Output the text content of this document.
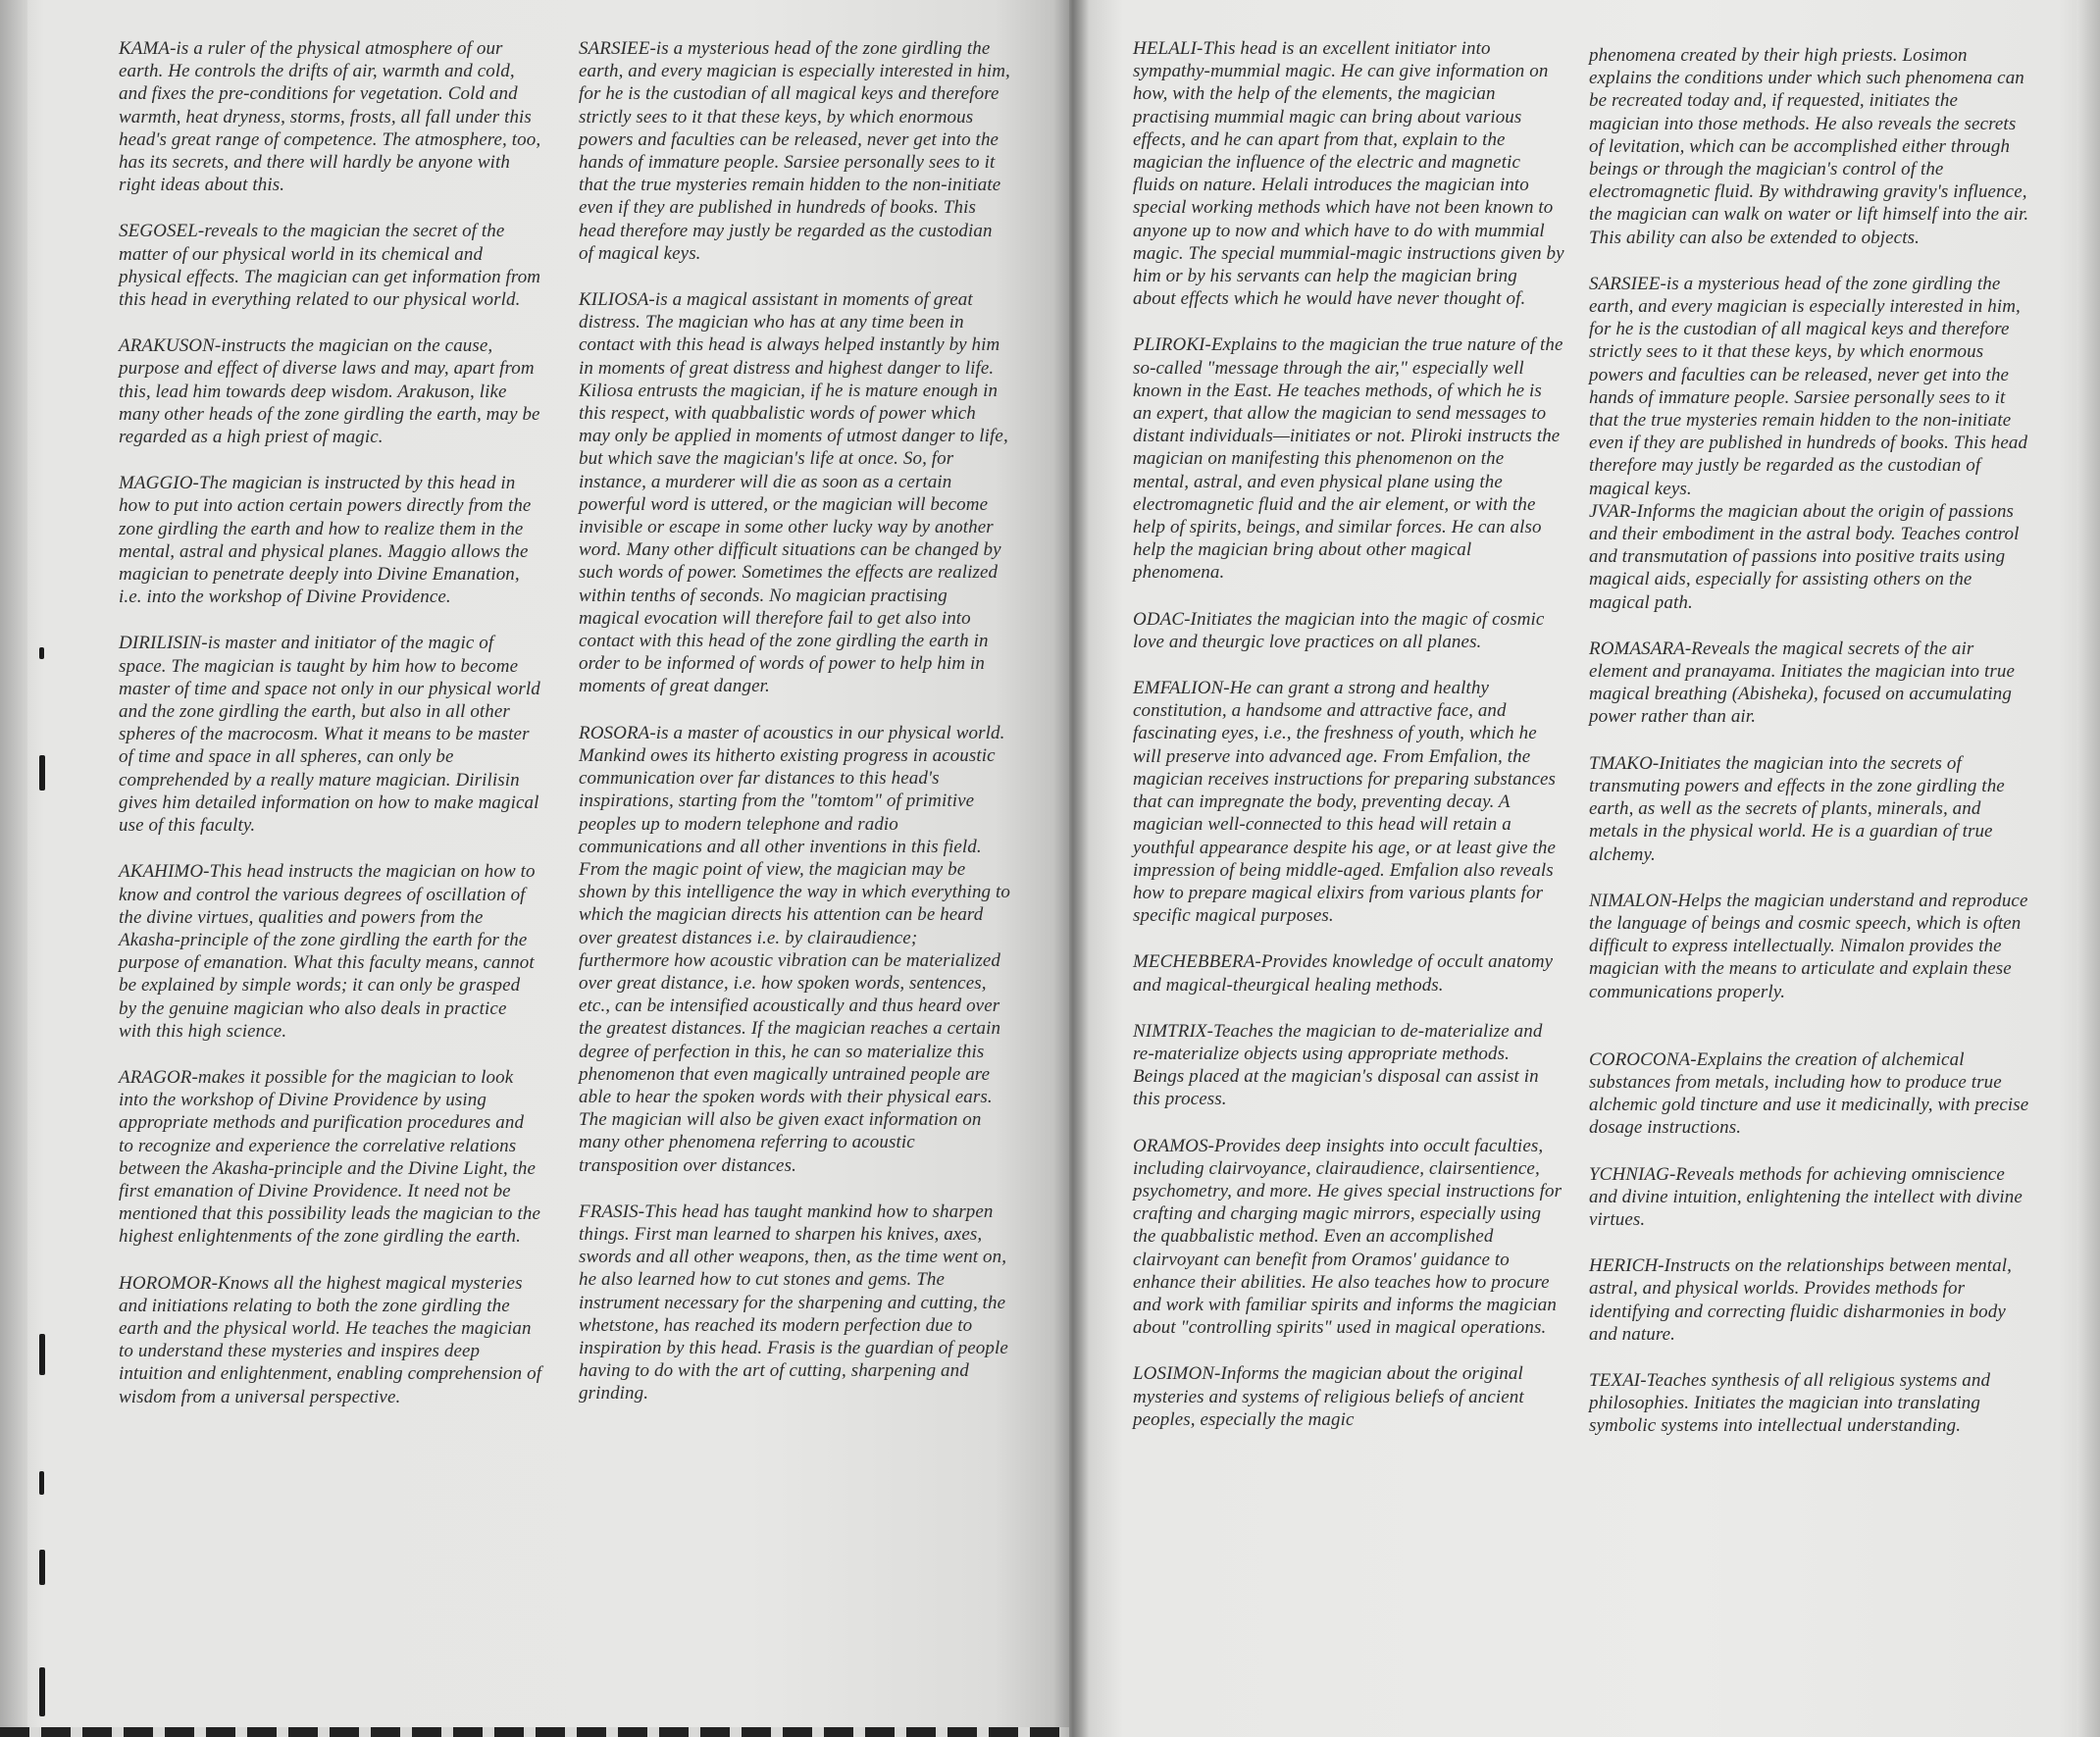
KAMA-is a ruler of the physical atmosphere of our earth. He controls the drifts of air, warmth and cold, and fixes the pre-conditions for vegetation. Cold and warmth, heat dryness, storms, frosts, all fall under this head's great range of competence. The atmosphere, too, has its secrets, and there will hardly be anyone with right ideas about this.

SEGOSEL-reveals to the magician the secret of the matter of our physical world in its chemical and physical effects. The magician can get information from this head in everything related to our physical world.

ARAKUSON-instructs the magician on the cause, purpose and effect of diverse laws and may, apart from this, lead him towards deep wisdom. Arakuson, like many other heads of the zone girdling the earth, may be regarded as a high priest of magic.

MAGGIO-The magician is instructed by this head in how to put into action certain powers directly from the zone girdling the earth and how to realize them in the mental, astral and physical planes. Maggio allows the magician to penetrate deeply into Divine Emanation, i.e. into the workshop of Divine Providence.

DIRILISIN-is master and initiator of the magic of space. The magician is taught by him how to become master of time and space not only in our physical world and the zone girdling the earth, but also in all other spheres of the macrocosm. What it means to be master of time and space in all spheres, can only be comprehended by a really mature magician. Dirilisin gives him detailed information on how to make magical use of this faculty.

AKAHIMO-This head instructs the magician on how to know and control the various degrees of oscillation of the divine virtues, qualities and powers from the Akasha-principle of the zone girdling the earth for the purpose of emanation. What this faculty means, cannot be explained by simple words; it can only be grasped by the genuine magician who also deals in practice with this high science.

ARAGOR-makes it possible for the magician to look into the workshop of Divine Providence by using appropriate methods and purification procedures and to recognize and experience the correlative relations between the Akasha-principle and the Divine Light, the first emanation of Divine Providence. It need not be mentioned that this possibility leads the magician to the highest enlightenments of the zone girdling the earth.

HOROMOR-Knows all the highest magical mysteries and initiations relating to both the zone girdling the earth and the physical world. He teaches the magician to understand these mysteries and inspires deep intuition and enlightenment, enabling comprehension of wisdom from a universal perspective.

SARSIEE-is a mysterious head of the zone girdling the earth, and every magician is especially interested in him, for he is the custodian of all magical keys and therefore strictly sees to it that these keys, by which enormous powers and faculties can be released, never get into the hands of immature people. Sarsiee personally sees to it that the true mysteries remain hidden to the non-initiate even if they are published in hundreds of books. This head therefore may justly be regarded as the custodian of magical keys.

KILIOSA-is a magical assistant in moments of great distress. The magician who has at any time been in contact with this head is always helped instantly by him in moments of great distress and highest danger to life. Kiliosa entrusts the magician, if he is mature enough in this respect, with quabbalistic words of power which may only be applied in moments of utmost danger to life, but which save the magician's life at once. So, for instance, a murderer will die as soon as a certain powerful word is uttered, or the magician will become invisible or escape in some other lucky way by another word. Many other difficult situations can be changed by such words of power. Sometimes the effects are realized within tenths of seconds. No magician practising magical evocation will therefore fail to get also into contact with this head of the zone girdling the earth in order to be informed of words of power to help him in moments of great danger.

ROSORA-is a master of acoustics in our physical world. Mankind owes its hitherto existing progress in acoustic communication over far distances to this head's inspirations, starting from the "tomtom" of primitive peoples up to modern telephone and radio communications and all other inventions in this field. From the magic point of view, the magician may be shown by this intelligence the way in which everything to which the magician directs his attention can be heard over greatest distances i.e. by clairaudience; furthermore how acoustic vibration can be materialized over great distance, i.e. how spoken words, sentences, etc., can be intensified acoustically and thus heard over the greatest distances. If the magician reaches a certain degree of perfection in this, he can so materialize this phenomenon that even magically untrained people are able to hear the spoken words with their physical ears. The magician will also be given exact information on many other phenomena referring to acoustic transposition over distances.

FRASIS-This head has taught mankind how to sharpen things. First man learned to sharpen his knives, axes, swords and all other weapons, then, as the time went on, he also learned how to cut stones and gems. The instrument necessary for the sharpening and cutting, the whetstone, has reached its modern perfection due to inspiration by this head. Frasis is the guardian of people having to do with the art of cutting, sharpening and grinding.

HELALI-This head is an excellent initiator into sympathy-mummial magic. He can give information on how, with the help of the elements, the magician practising mummial magic can bring about various effects, and he can apart from that, explain to the magician the influence of the electric and magnetic fluids on nature. Helali introduces the magician into special working methods which have not been known to anyone up to now and which have to do with mummial magic. The special mummial-magic instructions given by him or by his servants can help the magician bring about effects which he would have never thought of.

PLIROKI-Explains to the magician the true nature of the so-called "message through the air," especially well known in the East. He teaches methods, of which he is an expert, that allow the magician to send messages to distant individuals—initiates or not. Pliroki instructs the magician on manifesting this phenomenon on the mental, astral, and even physical plane using the electromagnetic fluid and the air element, or with the help of spirits, beings, and similar forces. He can also help the magician bring about other magical phenomena.

ODAC-Initiates the magician into the magic of cosmic love and theurgic love practices on all planes.

EMFALION-He can grant a strong and healthy constitution, a handsome and attractive face, and fascinating eyes, i.e., the freshness of youth, which he will preserve into advanced age. From Emfalion, the magician receives instructions for preparing substances that can impregnate the body, preventing decay. A magician well-connected to this head will retain a youthful appearance despite his age, or at least give the impression of being middle-aged. Emfalion also reveals how to prepare magical elixirs from various plants for specific magical purposes.

MECHEBBERA-Provides knowledge of occult anatomy and magical-theurgical healing methods.

NIMTRIX-Teaches the magician to de-materialize and re-materialize objects using appropriate methods. Beings placed at the magician's disposal can assist in this process.

ORAMOS-Provides deep insights into occult faculties, including clairvoyance, clairaudience, clairsentience, psychometry, and more. He gives special instructions for crafting and charging magic mirrors, especially using the quabbalistic method. Even an accomplished clairvoyant can benefit from Oramos' guidance to enhance their abilities. He also teaches how to procure and work with familiar spirits and informs the magician about "controlling spirits" used in magical operations.

LOSIMON-Informs the magician about the original mysteries and systems of religious beliefs of ancient peoples, especially the magic

phenomena created by their high priests. Losimon explains the conditions under which such phenomena can be recreated today and, if requested, initiates the magician into those methods. He also reveals the secrets of levitation, which can be accomplished either through beings or through the magician's control of the electromagnetic fluid. By withdrawing gravity's influence, the magician can walk on water or lift himself into the air. This ability can also be extended to objects.

SARSIEE-is a mysterious head of the zone girdling the earth, and every magician is especially interested in him, for he is the custodian of all magical keys and therefore strictly sees to it that these keys, by which enormous powers and faculties can be released, never get into the hands of immature people. Sarsiee personally sees to it that the true mysteries remain hidden to the non-initiate even if they are published in hundreds of books. This head therefore may justly be regarded as the custodian of magical keys.

JVAR-Informs the magician about the origin of passions and their embodiment in the astral body. Teaches control and transmutation of passions into positive traits using magical aids, especially for assisting others on the magical path.

ROMASARA-Reveals the magical secrets of the air element and pranayama. Initiates the magician into true magical breathing (Abisheka), focused on accumulating power rather than air.

TMAKO-Initiates the magician into the secrets of transmuting powers and effects in the zone girdling the earth, as well as the secrets of plants, minerals, and metals in the physical world. He is a guardian of true alchemy.

NIMALON-Helps the magician understand and reproduce the language of beings and cosmic speech, which is often difficult to express intellectually. Nimalon provides the magician with the means to articulate and explain these communications properly.

COROCONA-Explains the creation of alchemical substances from metals, including how to produce true alchemic gold tincture and use it medicinally, with precise dosage instructions.

YCHNIAG-Reveals methods for achieving omniscience and divine intuition, enlightening the intellect with divine virtues.

HERICH-Instructs on the relationships between mental, astral, and physical worlds. Provides methods for identifying and correcting fluidic disharmonies in body and nature.

TEXAI-Teaches synthesis of all religious systems and philosophies. Initiates the magician into translating symbolic systems into intellectual understanding.
